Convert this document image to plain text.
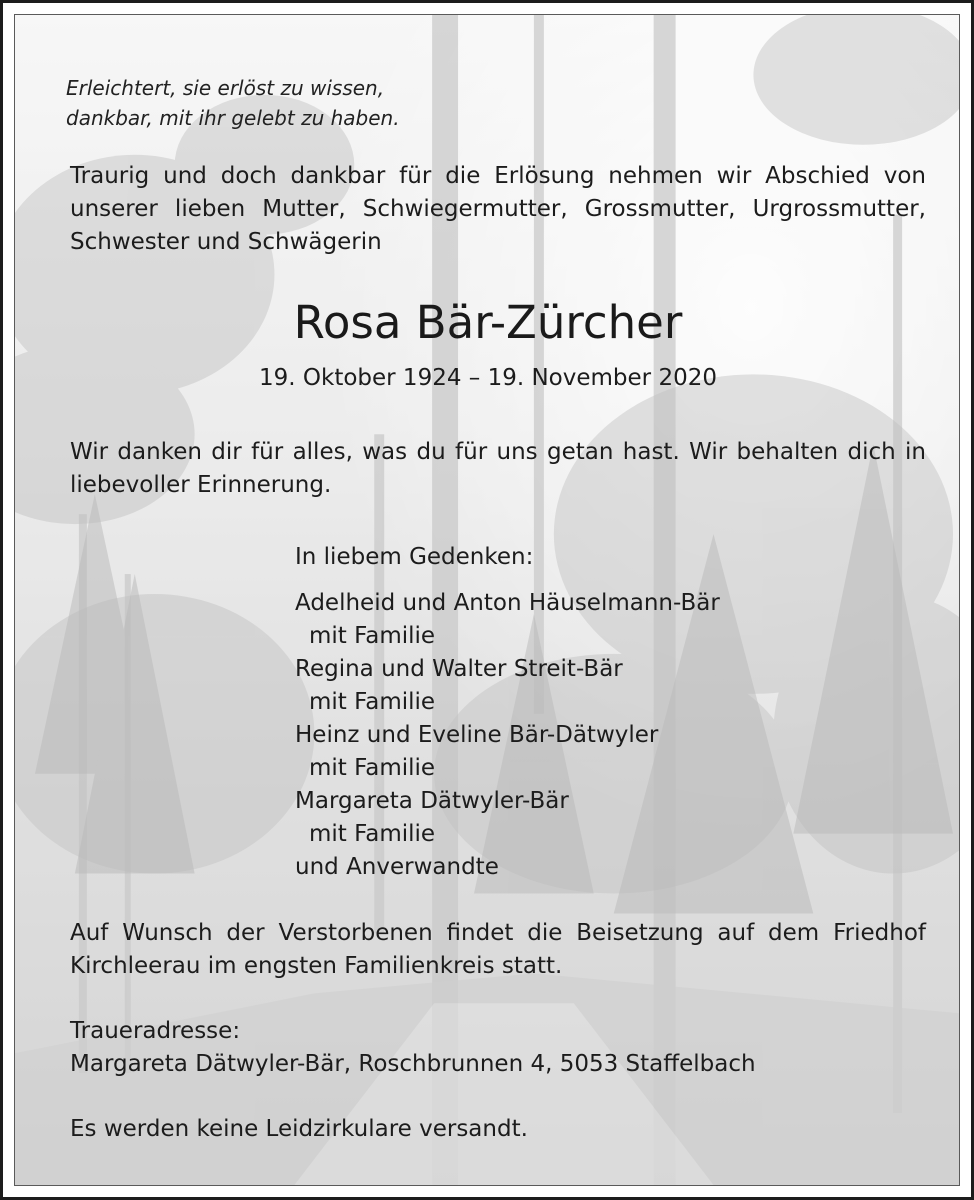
Erleichtert, sie erlöst zu wissen,
dankbar, mit ihr gelebt zu haben.
Traurig und doch dankbar für die Erlösung nehmen wir Abschied von unserer lieben Mutter, Schwiegermutter, Grossmutter, Urgrossmutter, Schwester und Schwägerin
Rosa Bär-Zürcher
19. Oktober 1924 – 19. November 2020
Wir danken dir für alles, was du für uns getan hast. Wir behalten dich in liebevoller Erinnerung.
In liebem Gedenken:
Adelheid und Anton Häuselmann-Bär
mit Familie
Regina und Walter Streit-Bär
mit Familie
Heinz und Eveline Bär-Dätwyler
mit Familie
Margareta Dätwyler-Bär
mit Familie
und Anverwandte
Auf Wunsch der Verstorbenen findet die Beisetzung auf dem Friedhof Kirchleerau im engsten Familienkreis statt.
Traueradresse:
Margareta Dätwyler-Bär, Roschbrunnen 4, 5053 Staffelbach
Es werden keine Leidzirkulare versandt.
